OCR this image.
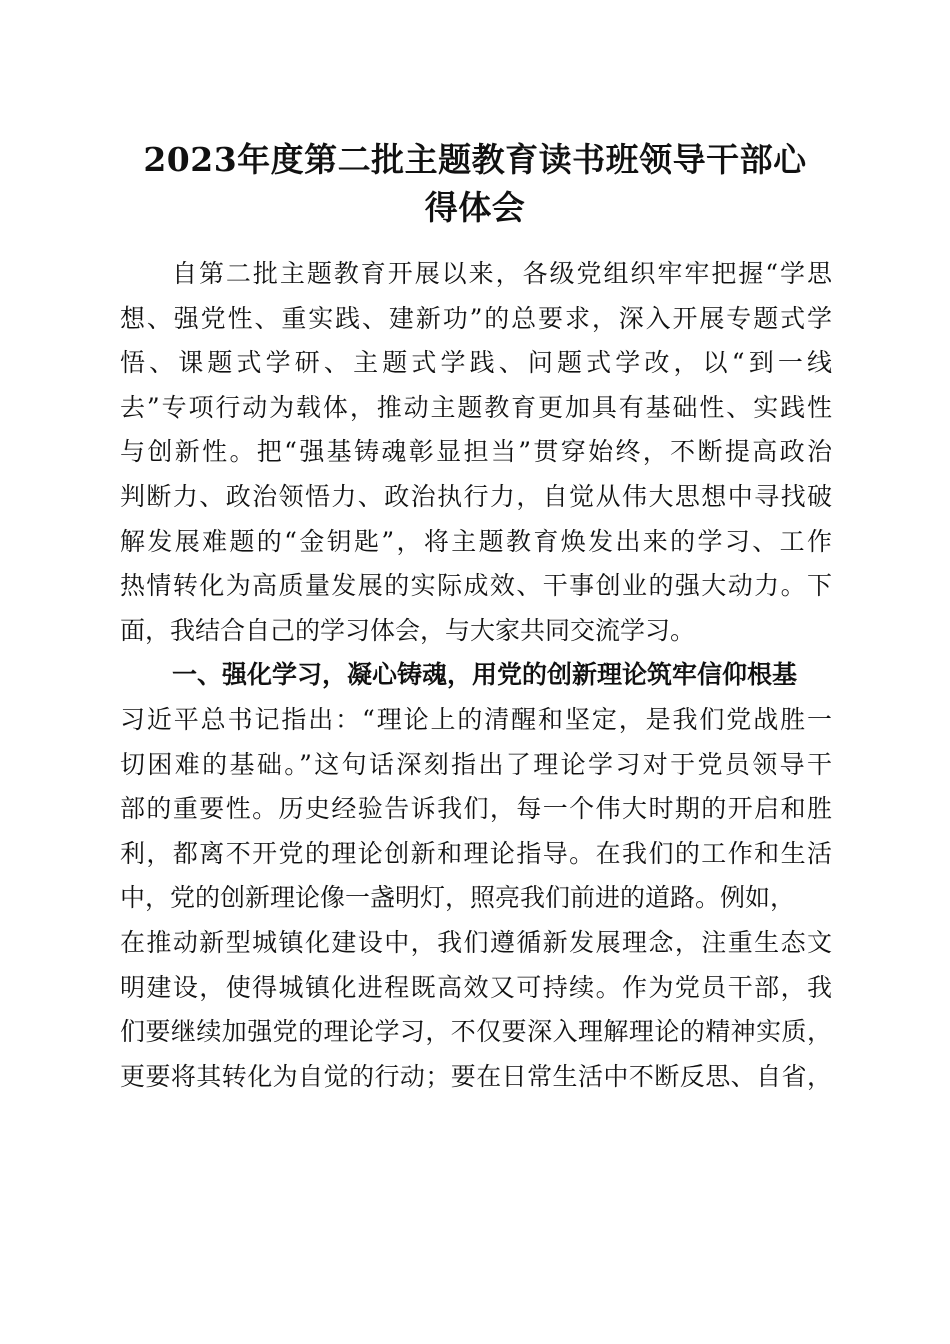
2023年度第二批主题教育读书班领导干部心
得体会
自第二批主题教育开展以来，各级党组织牢牢把握“学思
想、强党性、重实践、建新功”的总要求，深入开展专题式学
悟、课题式学研、主题式学践、问题式学改，以“到一线
去”专项行动为载体，推动主题教育更加具有基础性、实践性
与创新性。把“强基铸魂彰显担当”贯穿始终，不断提高政治
判断力、政治领悟力、政治执行力，自觉从伟大思想中寻找破
解发展难题的“金钥匙”，将主题教育焕发出来的学习、工作
热情转化为高质量发展的实际成效、干事创业的强大动力。下
面，我结合自己的学习体会，与大家共同交流学习。
一、强化学习，凝心铸魂，用党的创新理论筑牢信仰根基
习近平总书记指出：“理论上的清醒和坚定，是我们党战胜一
切困难的基础。”这句话深刻指出了理论学习对于党员领导干
部的重要性。历史经验告诉我们，每一个伟大时期的开启和胜
利，都离不开党的理论创新和理论指导。在我们的工作和生活
中，党的创新理论像一盏明灯，照亮我们前进的道路。例如，
在推动新型城镇化建设中，我们遵循新发展理念，注重生态文
明建设，使得城镇化进程既高效又可持续。作为党员干部，我
们要继续加强党的理论学习，不仅要深入理解理论的精神实质，
更要将其转化为自觉的行动；要在日常生活中不断反思、自省，
